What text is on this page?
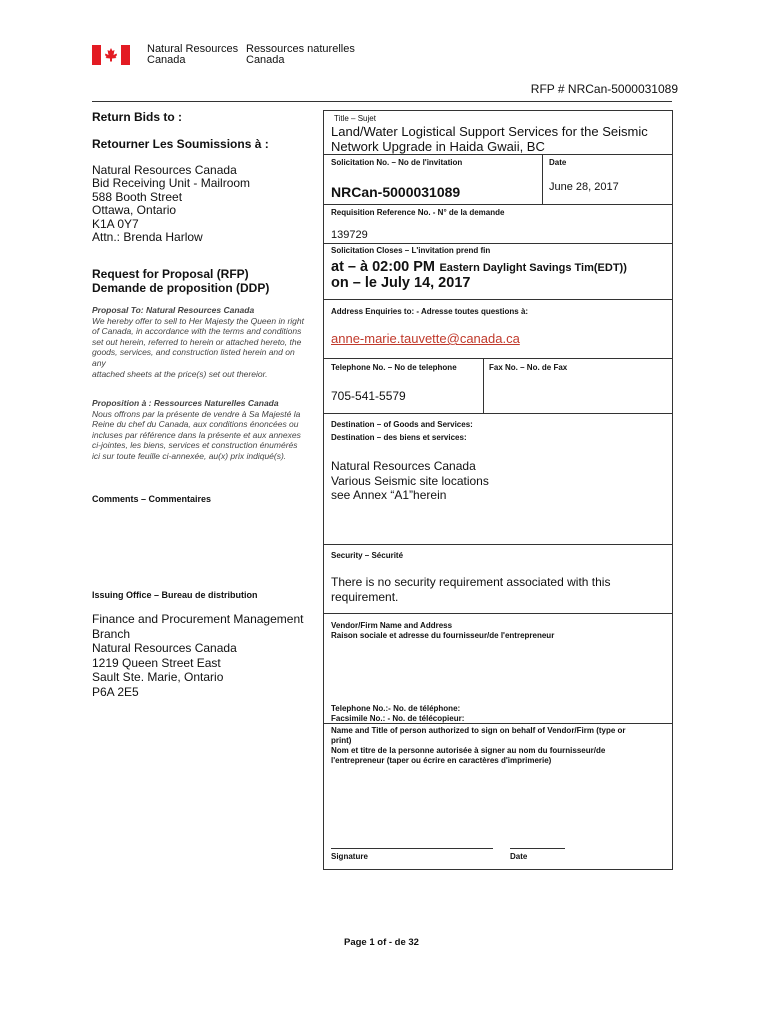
Natural Resources
Canada
Ressources naturelles
Canada
RFP # NRCan-5000031089
Return Bids to :
Retourner Les Soumissions à :
Natural Resources Canada
Bid Receiving Unit - Mailroom
588 Booth Street
Ottawa, Ontario
K1A 0Y7
Attn.: Brenda Harlow
Request for Proposal (RFP)
Demande de proposition (DDP)
Proposal To: Natural Resources Canada
We hereby offer to sell to Her Majesty the Queen in right
of Canada, in accordance with the terms and conditions
set out herein, referred to herein or attached hereto, the
goods, services, and construction listed herein and on
any
attached sheets at the price(s) set out thereior.
Proposition à : Ressources Naturelles Canada
Nous offrons par la présente de vendre à Sa Majesté la
Reine du chef du Canada, aux conditions énoncées ou
incluses par référence dans la présente et aux annexes
ci-jointes, les biens, services et construction énumérés
ici sur toute feuille ci-annexée, au(x) prix indiqué(s).
Comments – Commentaires
Issuing Office – Bureau de distribution
Finance and Procurement Management
Branch
Natural Resources Canada
1219 Queen Street East
Sault Ste. Marie, Ontario
P6A 2E5
Title – Sujet
Land/Water Logistical Support Services for the Seismic
Network Upgrade in Haida Gwaii, BC
Solicitation No. – No de l'invitation	Date
NRCan-5000031089	June 28, 2017
Requisition Reference No. - N° de la demande
139729
Solicitation Closes – L'invitation prend fin
at – à 02:00 PM Eastern Daylight Savings Tim(EDT))
on – le July 14, 2017
Address Enquiries to: - Adresse toutes questions à:
anne-marie.tauvette@canada.ca
Telephone No. – No de telephone	Fax No. – No. de Fax
705-541-5579
Destination – of Goods and Services:
Destination – des biens et services:
Natural Resources Canada
Various Seismic site locations
see Annex “A1”herein
Security – Sécurité
There is no security requirement associated with this
requirement.
Vendor/Firm Name and Address
Raison sociale et adresse du fournisseur/de l'entrepreneur
Telephone No.:- No. de téléphone:
Facsimile No.: - No. de télécopieur:
Name and Title of person authorized to sign on behalf of Vendor/Firm (type or
print)
Nom et titre de la personne autorisée à signer au nom du fournisseur/de
l'entrepreneur (taper ou écrire en caractères d'imprimerie)
Signature	Date
Page 1 of - de 32
